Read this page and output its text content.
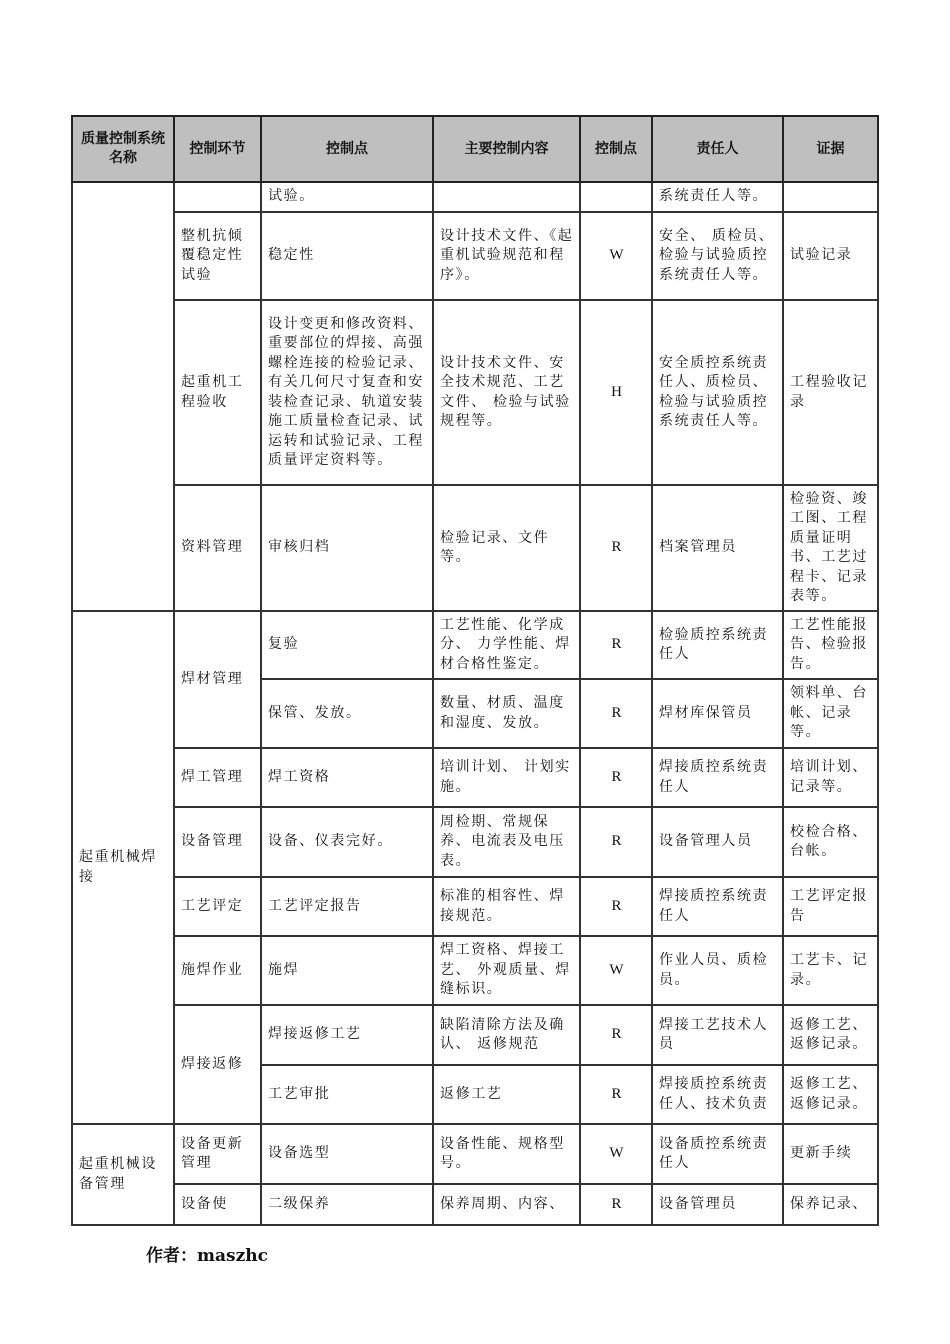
质量控制系统名称	控制环节	控制点	主要控制内容	控制点	责任人	证据
		试验。			系统责任人等。	
	整机抗倾覆稳定性试验	稳定性	设计技术文件、《起重机试验规范和程序》。	W	安全、 质检员、检验与试验质控系统责任人等。	试验记录
	起重机工程验收	设计变更和修改资料、重要部位的焊接、高强螺栓连接的检验记录、有关几何尺寸复查和安装检查记录、轨道安装施工质量检查记录、试运转和试验记录、工程质量评定资料等。	设计技术文件、安全技术规范、工艺文件、 检验与试验规程等。	H	安全质控系统责任人、质检员、检验与试验质控系统责任人等。	工程验收记录
	资料管理	审核归档	检验记录、文件等。	R	档案管理员	检验资、竣工图、工程质量证明书、工艺过程卡、记录表等。
起重机械焊接	焊材管理	复验	工艺性能、化学成分、 力学性能、焊材合格性鉴定。	R	检验质控系统责任人	工艺性能报告、检验报告。
		保管、发放。	数量、材质、温度和湿度、发放。	R	焊材库保管员	领料单、台帐、记录等。
	焊工管理	焊工资格	培训计划、 计划实施。	R	焊接质控系统责任人	培训计划、记录等。
	设备管理	设备、仪表完好。	周检期、常规保养、电流表及电压表。	R	设备管理人员	校检合格、台帐。
	工艺评定	工艺评定报告	标准的相容性、焊接规范。	R	焊接质控系统责任人	工艺评定报告
	施焊作业	施焊	焊工资格、焊接工艺、 外观质量、焊缝标识。	W	作业人员、质检员。	工艺卡、记录。
	焊接返修	焊接返修工艺	缺陷清除方法及确认、 返修规范	R	焊接工艺技术人员	返修工艺、返修记录。
		工艺审批	返修工艺	R	焊接质控系统责任人、技术负责	返修工艺、返修记录。
起重机械设备管理	设备更新管理	设备选型	设备性能、规格型号。	W	设备质控系统责任人	更新手续
	设备使	二级保养	保养周期、内容、	R	设备管理员	保养记录、
作者：maszhc
